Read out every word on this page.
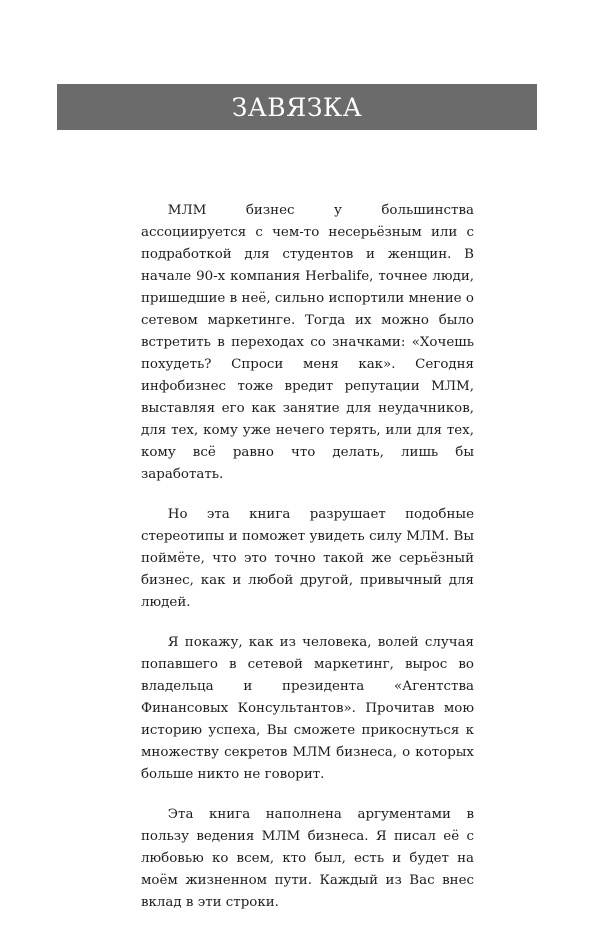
ЗАВЯЗКА

МЛМ бизнес у большинства ассоциируется с чем-то несерьёзным или с подработкой для студентов и женщин. В начале 90-х компания Herbalife, точнее люди, пришедшие в неё, сильно испортили мнение о сетевом маркетинге. Тогда их можно было встретить в переходах со значками: «Хочешь похудеть? Спроси меня как». Сегодня инфобизнес тоже вредит репутации МЛМ, выставляя его как занятие для неудачников, для тех, кому уже нечего терять, или для тех, кому всё равно что делать, лишь бы заработать.

Но эта книга разрушает подобные стереотипы и поможет увидеть силу МЛМ. Вы поймёте, что это точно такой же серьёзный бизнес, как и любой другой, привычный для людей.

Я покажу, как из человека, волей случая попавшего в сетевой маркетинг, вырос во владельца и президента «Агентства Финансовых Консультантов». Прочитав мою историю успеха, Вы сможете прикоснуться к множеству секретов МЛМ бизнеса, о которых больше никто не говорит.

Эта книга наполнена аргументами в пользу ведения МЛМ бизнеса. Я писал её с любовью ко всем, кто был, есть и будет на моём жизненном пути. Каждый из Вас внес вклад в эти строки.
